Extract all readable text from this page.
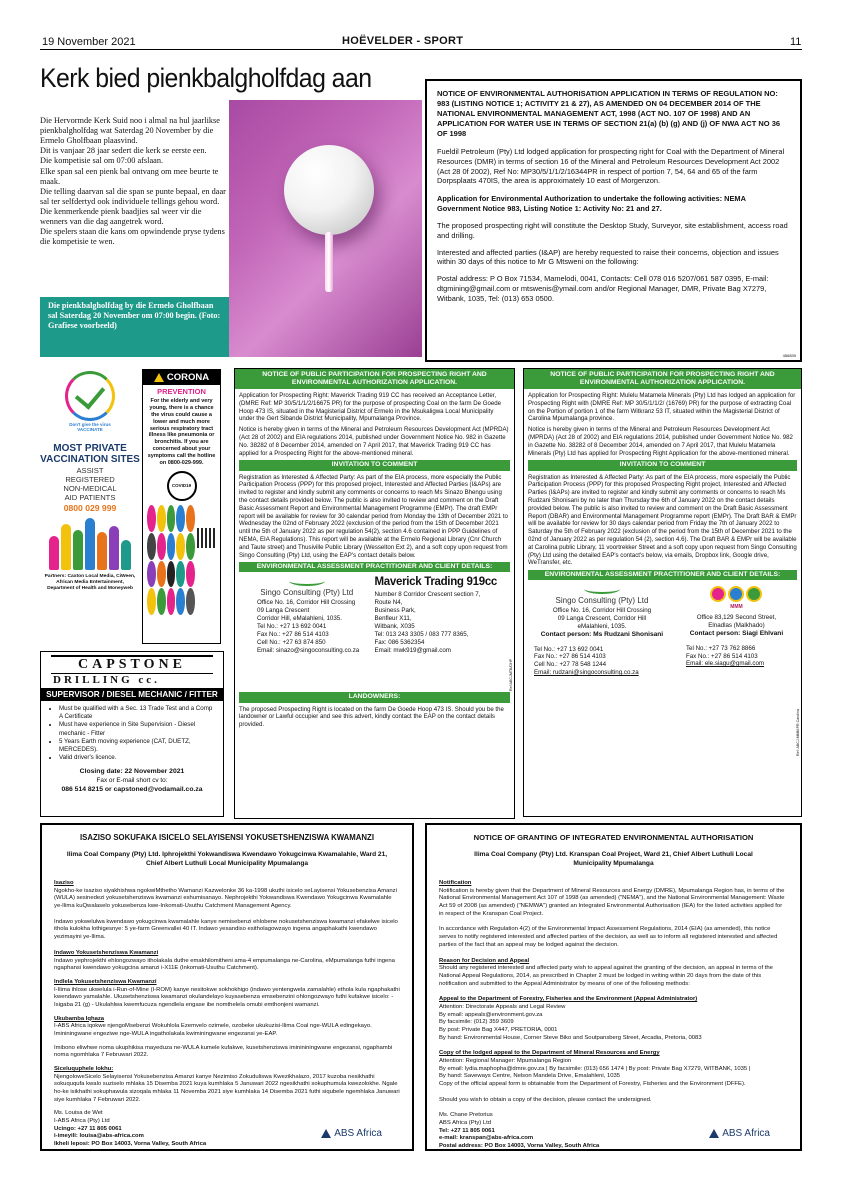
19 November 2021	HOËVELDER - SPORT	11
Kerk bied pienkbalgholfdag aan
Die Hervormde Kerk Suid noo i almal na hul jaarlikse pienkbalgholfdag wat Saterdag 20 November by die Ermelo Gholfbaan plaasvind.
Dit is vanjaar 28 jaar sedert die kerk se eerste een.
Die kompetisie sal om 07:00 afslaan.
Elke span sal een pienk bal ontvang om mee beurte te maak.
Die telling daarvan sal die span se punte bepaal, en daar sal ter selfdertyd ook individuele tellings gehou word.
Die kenmerkende pienk baadjies sal weer vir die wenners van die dag aangetrek word.
Die spelers staan die kans om opwindende pryse tydens die kompetisie te wen.
Die pienkbalgholfdag by die Ermelo Gholfbaan sal Saterdag 20 November om 07:00 begin. (Foto: Grafiese voorbeeld)
NOTICE OF ENVIRONMENTAL AUTHORISATION APPLICATION IN TERMS OF REGULATION NO: 983 (LISTING NOTICE 1; ACTIVITY 21 & 27), AS AMENDED ON 04 DECEMBER 2014 OF THE NATIONAL ENVIRONMENTAL MANAGEMENT ACT, 1998 (ACT NO. 107 OF 1998) AND AN APPLICATION FOR WATER USE IN TERMS OF SECTION 21(a) (b) (g) AND (j) OF NWA ACT NO 36 OF 1998
Fueldil Petroleum (Pty) Ltd lodged application for prospecting right for Coal with the Department of Mineral Resources (DMR) in terms of section 16 of the Mineral and Petroleum Resources Development Act 2002 (Act 28 0f 2002), Ref No: MP30/5/1/1/2/16344PR in respect of portion 7, 54, 64 and 65 of the farm Dorpsplaats 470IS, the area is approximately 10 east of Morgenzon.
Application for Environmental Authorization to undertake the following activities: NEMA Government Notice 983, Listing Notice 1: Activity No: 21 and 27.
The proposed prospecting right will constitute the Desktop Study, Surveyor, site establishment, access road and drilling.
Interested and affected parties (I&AP) are hereby requested to raise their concerns, objection and issues within 30 days of this notice to Mr G Mtsweni on the following:
Postal address: P O Box 71534, Mamelodi, 0041, Contacts: Cell 078 016 5207/061 587 0395, E-mail: dtgmining@gmail.com or mtswenis@ymail.com and/or Regional Manager, DMR, Private Bag X7279, Witbank, 1035, Tel: (013) 653 0500.
456839
Don't give the virus VACCINATE
MOST PRIVATE VACCINATION SITES
ASSIST
REGISTERED
NON-MEDICAL
AID PATIENTS
0800 029 999
Partners: Caxton Local Media, CiWeen, African Media Entertainment, Department of Health and Moneyweb
CORONA
PREVENTION
For the elderly and very young, there is a chance the virus could cause a lower and much more serious respiratory tract illness like pneumonia or bronchitis. If you are concerned about your symptoms call the hotline on 0800-029-999.
COVID19
CAPSTONE
DRILLING cc.
SUPERVISOR / DIESEL MECHANIC / FITTER
• Must be qualified with a Sec. 13 Trade Test and a Comp A Certificate
• Must have experience in Site Supervision - Diesel mechanic - Fitter
• 5 Years Earth moving experience (CAT, DUETZ, MERCEDES).
• Valid driver's licence.
Closing date: 22 November 2021
Fax or E-mail short cv to:
086 514 8215 or capstoned@vodamail.co.za
NOTICE OF PUBLIC PARTICIPATION FOR PROSPECTING RIGHT AND ENVIRONMENTAL AUTHORIZATION APPLICATION.

Application for Prospecting Right: Maverick Trading 919 CC has received an Acceptance Letter, (DMRE Ref: MP 30/5/1/1/2/16675 PR) for the purpose of prospecting Coal on the farm De Goede Hoop 473 IS, situated in the Magisterial District of Ermelo in the Msukaligwa Local Municipality under the Gert Sibande District Municipality, Mpumalanga Province.

Notice is hereby given in terms of the Mineral and Petroleum Resources Development Act (MPRDA) (Act 28 of 2002) and EIA regulations 2014, published under Government Notice No. 982 in Gazette No. 38282 of 8 December 2014, amended on 7 April 2017, that Maverick Trading 919 CC has applied for a Prospecting Right for the above-mentioned mineral.

INVITATION TO COMMENT

Registration as Interested & Affected Party: As part of the EIA process, more especially the Public Participation Process (PPP) for this proposed project, Interested and Affected Parties (I&APs) are invited to register and kindly submit any comments or concerns to reach Ms Sinazo Bhengu using the contact details provided below. The public is also invited to review and comment on the Draft Basic Assessment Report and Environmental Management Programme (EMPr). The draft EMPr report will be available for review for 30 calendar period from Monday the 13th of December 2021 to Wednesday the 02nd of February 2022 (exclusion of the period from the 15th of December 2021 until the 5th of January 2022 as per regulation 54(2), section 4.6 contained in PPP Guidelines of NEMA, EIA Regulations). This report will be available at the Ermelo Regional Library (Cnr Church and Taute street) and Thusiville Public Library (Wesselton Ext 2), and a soft copy upon request from Singo Consulting (Pty) Ltd, using the EAP's contact details below.

ENVIRONMENTAL ASSESSMENT PRACTITIONER AND CLIENT DETAILS:
Singo Consulting (Pty) Ltd
Office No. 16, Corridor Hill Crossing
09 Langa Crescent
Corridor Hill, eMalahleni, 1035.
Tel No.: +27 13 692 0041
Fax No.: +27 86 514 4103
Cell No.: +27 63 874 850
Email: sinazo@singoconsulting.co.za
Maverick Trading 919cc
Number 8 Corridor Crescent section 7,
Route N4,
Business Park,
Benfleur X11,
Witbank, X035
Tel: 013 243 3305 / 083 777 8365,
Fax: 086 5362354
Email: mwk919@gmail.com
LANDOWNERS:

The proposed Prospecting Right is located on the farm De Goede Hoop 473 IS. Should you be the landowner or Lawful occupier and see this advert, kindly contact the EAP on the contact details provided.

Ref:ABCJMTB/DHP
NOTICE OF PUBLIC PARTICIPATION FOR PROSPECTING RIGHT AND ENVIRONMENTAL AUTHORIZATION APPLICATION.

Application for Prospecting Right: Mulelu Matamela Minerals (Pty) Ltd has lodged an application for Prospecting Right with (DMRE Ref: MP 30/5/1/1/2/ (16769) PR) for the purpose of extracting Coal on the Portion of portion 1 of the farm Witkranz 53 IT, situated within the Magisterial District of Carolina Mpumalanga province.

Notice is hereby given in terms of the Mineral and Petroleum Resources Development Act (MPRDA) (Act 28 of 2002) and EIA regulations 2014, published under Government Notice No. 982 in Gazette No. 38282 of 8 December 2014, amended on 7 April 2017, that Mulelu Matamela Minerals (Pty) Ltd has applied for Prospecting Right Application for the above-mentioned mineral.

INVITATION TO COMMENT

Registration as Interested & Affected Party: As part of the EIA process, more especially the Public Participation Process (PPP) for this proposed Prospecting Right project, Interested and Affected Parties (I&APs) are invited to register and kindly submit any comments or concerns to reach Ms Rudzani Shonisani by no later than Thursday the 6th of January 2022 on the contact details provided below. The public is also invited to review and comment on the Draft Basic Assessment Report (DBAR) and Environmental Management Programme report (EMPr). The Draft BAR & EMPr will be available for review for 30 days calendar period from Friday the 7th of January 2022 to Saturday the 5th of February 2022 (exclusion of the period from the 15th of December 2021 to the 02nd of January 2022 as per regulation 54 (2), section 4.6). The Draft BAR & EMPr will be available at Carolina public Library, 11 voortrekker Street and a soft copy upon request from Singo Consulting (Pty) Ltd using the detailed EAP's contact's below, via emails, Dropbox link, Google drive, WeTransfer, etc.

ENVIRONMENTAL ASSESSMENT PRACTITIONER AND CLIENT DETAILS:
Singo Consulting (Pty) Ltd
Office No. 16, Corridor Hill Crossing
09 Langa Crescent, Corridor Hill
eMalahleni, 1035.
Contact person: Ms Rudzani Shonisani
Tel No.: +27 13 692 0041
Fax No.: +27 86 514 4103
Cell No.: +27 78 548 1244
Email: rudzani@singoconsulting.co.za
MMM
Office 83,129 Second Street,
Elnadlas (Malkhado)
Contact person: Siagi Ehlvani
Tel No.: +27 73 762 8866
Fax No.: +27 86 514 4103
Email: ele.siagu@gmail.com
Ref: ABCJ MMM PR Carolina
ISAZISO SOKUFAKA ISICELO SELAYISENSI YOKUSETSHENZISWA KWAMANZI
Ilima Coal Company (Pty) Ltd. Iphrojekthi Yokwandiswa Kwendawo Yokugcinwa Kwamalahle, Ward 21, Chief Albert Luthuli Local Municipality Mpumalanga
Isaziso

Ngokho-ke isaziso siyakhishwa ngokwiMthetho Wamanzi Kazwelonke 36 ka-1998 ukuthi isicelo seLayisensi Yokusebenzisa Amanzi (WULA) sesinedezi yokusetshenziswa kwamanzi eshumisanayo. Nephrojekthi Yokwandiswa Kwendawo Yokugcinwa Kwamalahle ye-Ilima kuQwalaselo yokusebenza kwe-Inkomati-Usuthu Catchment Management Agency.

Indawo yokwelulwa kwendawo yokugcinwa kwamalahle kanye nemisebenzi ehlobene nokusetshenziswa kwamanzi efakelwe isicelo ithola kulokha lothigesnye: 5 ye-farm Greenvallei 40 IT. Indawo yesandiso esitholagowzayo ingena angaphakathi kwendawo yezimayini ye-Ilima.

Indawo Yokusetshenziswa Kwamanzi

Indawo yephrojekthi ehlongozwayo itholakala duthe emakhilomitheni ama-4 empumalanga ne-Carolina, eMpumalanga futhi ingena ngaphansi kwendawo yokugcina amanzi i-X11E (Inkomati-Usuthu Catchment).

Indlela Yokusetshenziswa Kwamanzi

I-Ilima ihlose ukwelula i-Run-of-Mine (I-ROM) kanye nesitokwe sokhokhigo (indawo yentengwela zamalahle) ethola kula ngaphakathi kwendawo yamalahle. Ukusetshenziswa kwamanzi okulandelayo kuyasebenza emsebenzini ohlongozwayo futhi kufakwe isicelo: - Isigaba 21 (g) - Ukulahlwa kwemfucuza ngendlela engase ibe nomthelela omubi emthonjeni wamanzi.

Ukubamba Iqhaza

I-ABS Africa iqokwe njengoMsebenzi Wokuhlola Ezemvelo ozimele, ozobeke ukukuzisi-Ilima Coal nge-WULA edingekayo. Imininingwane engeziwe nge-WULA ingatholakala kwiminingwane engezansi ye-EAP.

Imibono eliwhwe noma ukuphikisa mayeduza ne-WULA kumele kufakwe, kusetshenziswa iminininingwane engezansi, ngaphambi noma ngomhlaka 7 Februwari 2022.

Siceluquphele lokhu:

NjengoloweSicelo Selayisensi Yokusebenzisa Amanzi kanye Nezimiso Zokuduliswa Kwezikhalazo, 2017 kuzoba nesikhathi sokuququfa kwalo suziselo mhlaka 15 Disemba 2021 kuya kumhlaka 5 Januwari 2022 ngesikhathi sokuphumula kwezolokhe. Ngale ho-ke isikhathi sokuphawula sizoqala mhlaka 11 Novemba 2021 siye kumhlaka 14 Disemba 2021 futhi siqubele ngemhlaka Januwari siye kumhlaka 7 Februwari 2022.

Ms. Louisa de Wet
I-ABS Africa (Pty) Ltd
Ucingo: +27 11 805 0061
i-imeyili: louisa@abs-africa.com
Ikheli leposi: PO Box 14003, Vorna Valley, South Africa
ABS Africa
NOTICE OF GRANTING OF INTEGRATED ENVIRONMENTAL AUTHORISATION
Ilima Coal Company (Pty) Ltd. Kranspan Coal Project, Ward 21, Chief Albert Luthuli Local Municipality Mpumalanga
Notification

Notification is hereby given that the Department of Mineral Resources and Energy (DMRE), Mpumalanga Region has, in terms of the National Environmental Management Act 107 of 1998 (as amended) ("NEMA"), and the National Environmental Management: Waste Act 59 of 2008 (as amended) ("NEMWA") granted an Integrated Environmental Authorisation (IEA) for the listed activities applied for in respect of the Kranspan Coal Project.

In accordance with Regulation 4(2) of the Environmental Impact Assessment Regulations, 2014 (EIA) (as amended), this notice serves to notify registered interested and affected parties of the decision, as well as to inform all registered interested and affected parties of the fact that an appeal may be lodged against the decision.

Reason for Decision and Appeal

Should any registered interested and affected party wish to appeal against the granting of the decision, an appeal in terms of the National Appeal Regulations, 2014, as prescribed in Chapter 2 must be lodged in writing within 20 days from the date of this notification and submitted to the Appeal Administrator by means of one of the following methods:

Appeal to the Department of Forestry, Fisheries and the Environment (Appeal Administrator)
Attention: Directorate Appeals and Legal Review
By email: appeals@environment.gov.za
By facsimile: (012) 359 3609
By post: Private Bag X447, PRETORIA, 0001
By hand: Environmental House, Corner Steve Biko and Soutpansberg Street, Arcadia, Pretoria, 0083
Copy of the lodged appeal to the Department of Mineral Resources and Energy
Attention: Regional Manager: Mpumalanga Region
By email: lydia.maphopha@dmre.gov.za | By facsimile: (013) 656 1474 | By post: Private Bag X7279, WITBANK, 1035 |
By hand: Saveways Centre, Nelson Mandela Drive, Emalahleni, 1035
Copy of the official appeal form is obtainable from the Department of Forestry, Fisheries and the Environment (DFFE).

Should you wish to obtain a copy of the decision, please contact the undersigned.

Ms. Chane Pretorius
ABS Africa (Pty) Ltd
Tel: +27 11 805 0061
e-mail: kranspan@abs-africa.com
Postal address: PO Box 14003, Vorna Valley, South Africa
ABS Africa
